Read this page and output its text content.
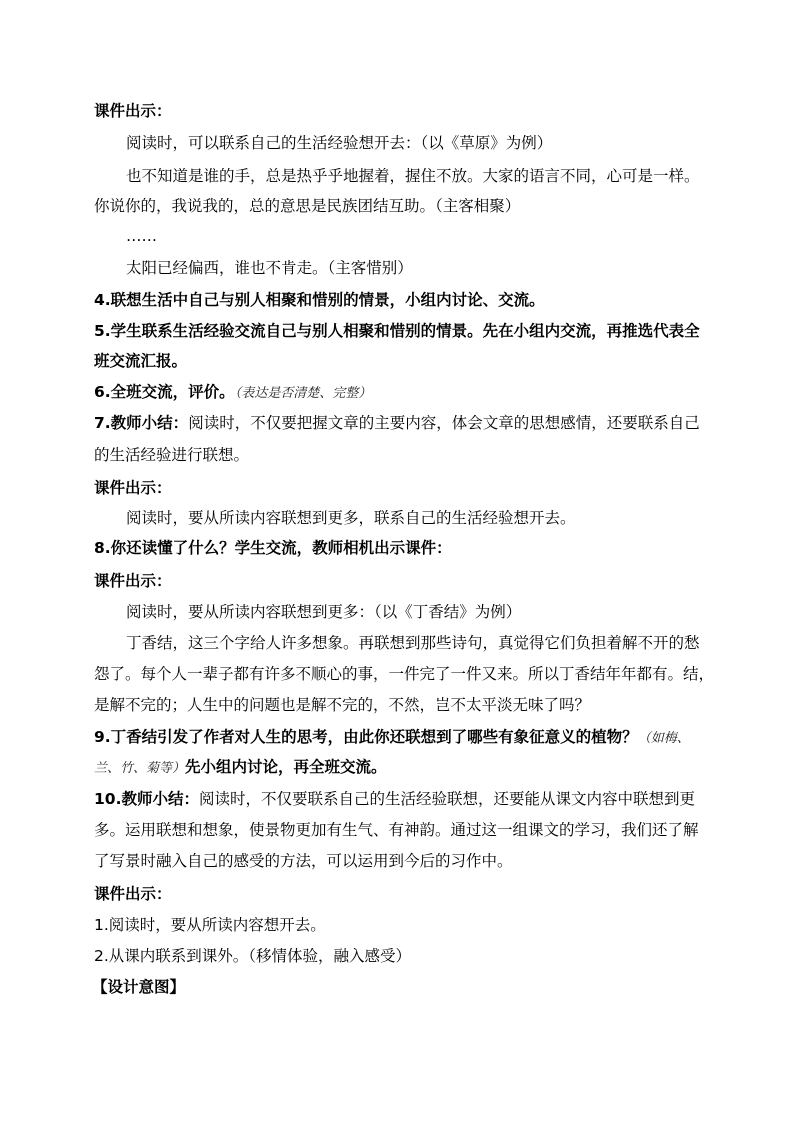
课件出示：
阅读时，可以联系自己的生活经验想开去：（以《草原》为例）
也不知道是谁的手，总是热乎乎地握着，握住不放。大家的语言不同，心可是一样。
你说你的，我说我的，总的意思是民族团结互助。（主客相聚）
……
太阳已经偏西，谁也不肯走。（主客惜别）
4.联想生活中自己与别人相聚和惜别的情景，小组内讨论、交流。
5.学生联系生活经验交流自己与别人相聚和惜别的情景。先在小组内交流，再推选代表全
班交流汇报。
6.全班交流，评价。（表达是否清楚、完整）
7.教师小结：阅读时，不仅要把握文章的主要内容，体会文章的思想感情，还要联系自己
的生活经验进行联想。
课件出示：
阅读时，要从所读内容联想到更多，联系自己的生活经验想开去。
8.你还读懂了什么？学生交流，教师相机出示课件：
课件出示：
阅读时，要从所读内容联想到更多：（以《丁香结》为例）
丁香结，这三个字给人许多想象。再联想到那些诗句，真觉得它们负担着解不开的愁
怨了。每个人一辈子都有许多不顺心的事，一件完了一件又来。所以丁香结年年都有。结，
是解不完的；人生中的问题也是解不完的，不然，岂不太平淡无味了吗？
9.丁香结引发了作者对人生的思考，由此你还联想到了哪些有象征意义的植物？（如梅、
兰、竹、菊等）先小组内讨论，再全班交流。
10.教师小结：阅读时，不仅要联系自己的生活经验联想，还要能从课文内容中联想到更
多。运用联想和想象，使景物更加有生气、有神韵。通过这一组课文的学习，我们还了解
了写景时融入自己的感受的方法，可以运用到今后的习作中。
课件出示：
1.阅读时，要从所读内容想开去。
2.从课内联系到课外。（移情体验，融入感受）
【设计意图】
